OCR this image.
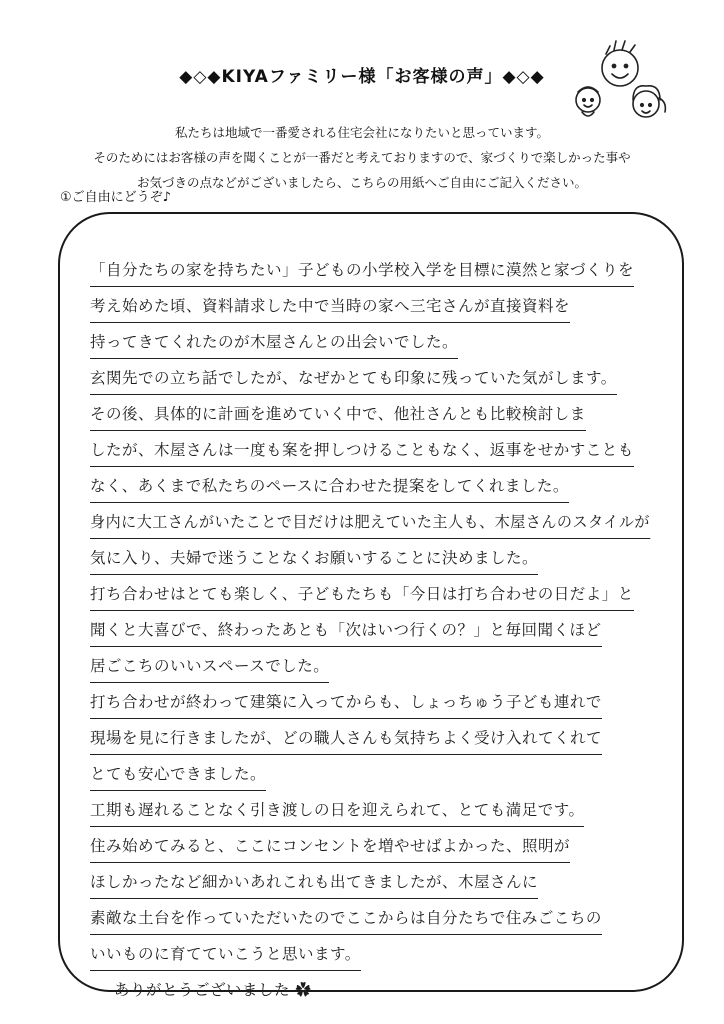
◆◇◆KIYAファミリー様「お客様の声」◆◇◆
私たちは地域で一番愛される住宅会社になりたいと思っています。
そのためにはお客様の声を聞くことが一番だと考えておりますので、家づくりで楽しかった事や
お気づきの点などがございましたら、こちらの用紙へご自由にご記入ください。
①ご自由にどうぞ♪
「自分たちの家を持ちたい」子どもの小学校入学を目標に漠然と家づくりを
考え始めた頃、資料請求した中で当時の家へ三宅さんが直接資料を
持ってきてくれたのが木屋さんとの出会いでした。
玄関先での立ち話でしたが、なぜかとても印象に残っていた気がします。
その後、具体的に計画を進めていく中で、他社さんとも比較検討しま
したが、木屋さんは一度も案を押しつけることもなく、返事をせかすことも
なく、あくまで私たちのペースに合わせた提案をしてくれました。
身内に大工さんがいたことで目だけは肥えていた主人も、木屋さんのスタイルが
気に入り、夫婦で迷うことなくお願いすることに決めました。
打ち合わせはとても楽しく、子どもたちも「今日は打ち合わせの日だよ」と
聞くと大喜びで、終わったあとも「次はいつ行くの？」と毎回聞くほど
居ごこちのいいスペースでした。
打ち合わせが終わって建築に入ってからも、しょっちゅう子ども連れで
現場を見に行きましたが、どの職人さんも気持ちよく受け入れてくれて
とても安心できました。
工期も遅れることなく引き渡しの日を迎えられて、とても満足です。
住み始めてみると、ここにコンセントを増やせばよかった、照明が
ほしかったなど細かいあれこれも出てきましたが、木屋さんに
素敵な土台を作っていただいたのでここからは自分たちで住みごこちの
いいものに育てていこうと思います。
ありがとうございました ✿
